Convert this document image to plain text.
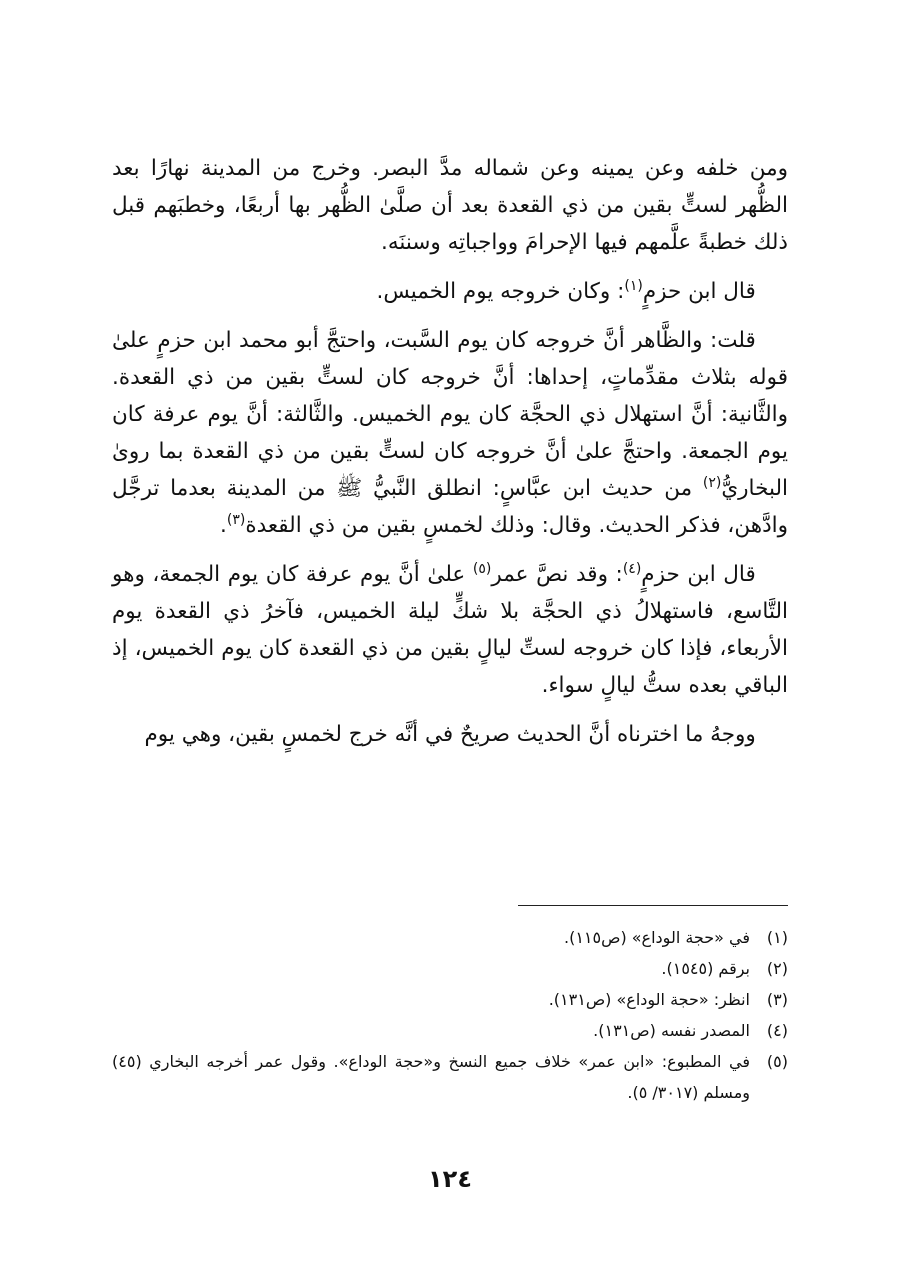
ومن خلفه وعن يمينه وعن شماله مدَّ البصر. وخرج من المدينة نهارًا بعد الظُّهر لستٍّ بقين من ذي القعدة بعد أن صلَّىٰ الظُّهر بها أربعًا، وخطبَهم قبل ذلك خطبةً علَّمهم فيها الإحرامَ وواجباتِه وسننَه.

قال ابن حزمٍ$^{(١)}$: وكان خروجه يوم الخميس.

قلت: والظَّاهر أنَّ خروجه كان يوم السَّبت، واحتجَّ أبو محمد ابن حزمٍ علىٰ قوله بثلاث مقدِّماتٍ، إحداها: أنَّ خروجه كان لستٍّ بقين من ذي القعدة. والثَّانية: أنَّ استهلال ذي الحجَّة كان يوم الخميس. والثَّالثة: أنَّ يوم عرفة كان يوم الجمعة. واحتجَّ علىٰ أنَّ خروجه كان لستٍّ بقين من ذي القعدة بما روىٰ البخاريُّ$^{(٢)}$ من حديث ابن عبَّاسٍ: انطلق النَّبيُّ ﷺ من المدينة بعدما ترجَّل وادَّهن، فذكر الحديث. وقال: وذلك لخمسٍ بقين من ذي القعدة$^{(٣)}$.

قال ابن حزمٍ$^{(٤)}$: وقد نصَّ عمر$^{(٥)}$ علىٰ أنَّ يوم عرفة كان يوم الجمعة، وهو التَّاسع، فاستهلالُ ذي الحجَّة بلا شكٍّ ليلة الخميس، فآخرُ ذي القعدة يوم الأربعاء، فإذا كان خروجه لستِّ ليالٍ بقين من ذي القعدة كان يوم الخميس، إذ الباقي بعده ستُّ ليالٍ سواء.

ووجهُ ما اخترناه أنَّ الحديث صريحٌ في أنَّه خرج لخمسٍ بقين، وهي يوم

(١)
في «حجة الوداع» (ص١١٥).
(٢)
برقم (١٥٤٥).
(٣)
انظر: «حجة الوداع» (ص١٣١).
(٤)
المصدر نفسه (ص١٣١).
(٥)
في المطبوع: «ابن عمر» خلاف جميع النسخ و«حجة الوداع». وقول عمر أخرجه البخاري (٤٥) ومسلم (٣٠١٧/ ٥).
١٢٤
